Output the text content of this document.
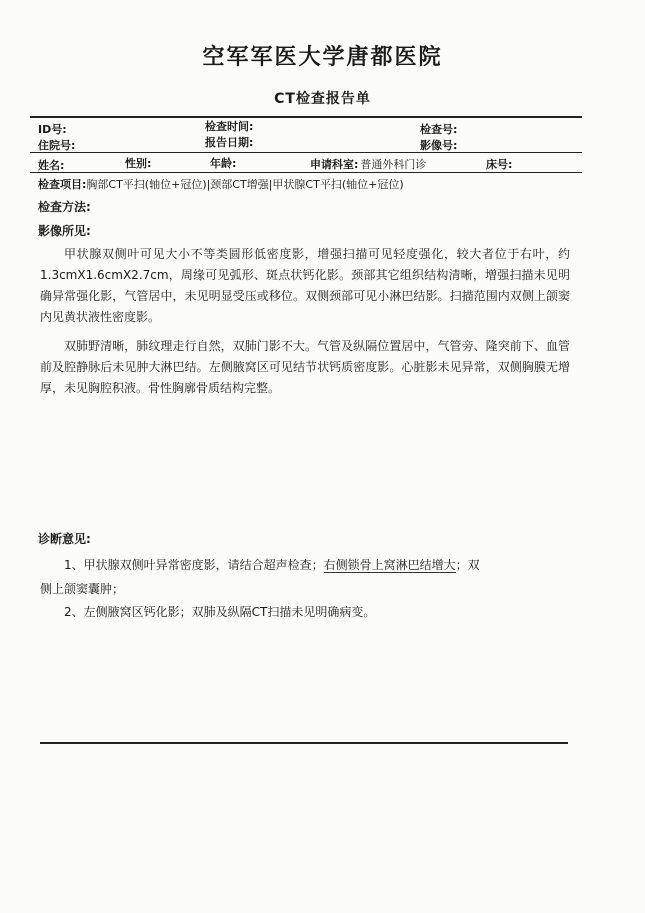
空军军医大学唐都医院
CT检查报告单
ID号:	检查时间:	检查号:
住院号:	报告日期:	影像号:
姓名:	性别:	年龄:	申请科室: 普通外科门诊	床号:
检查项目:胸部CT平扫(轴位+冠位)|颈部CT增强|甲状腺CT平扫(轴位+冠位)
检查方法:
影像所见:
甲状腺双侧叶可见大小不等类圆形低密度影，增强扫描可见轻度强化，较大者位于右叶，约1.3cmX1.6cmX2.7cm，周缘可见弧形、斑点状钙化影。颈部其它组织结构清晰，增强扫描未见明确异常强化影，气管居中，未见明显受压或移位。双侧颈部可见小淋巴结影。扫描范围内双侧上颌窦内见黄状液性密度影。
双肺野清晰，肺纹理走行自然，双肺门影不大。气管及纵隔位置居中，气管旁、隆突前下、血管前及腔静脉后未见肿大淋巴结。左侧腋窝区可见结节状钙质密度影。心脏影未见异常，双侧胸膜无增厚，未见胸腔积液。骨性胸廓骨质结构完整。
诊断意见:
1、甲状腺双侧叶异常密度影，请结合超声检查；右侧锁骨上窝淋巴结增大；双
侧上颌窦囊肿；
2、左侧腋窝区钙化影；双肺及纵隔CT扫描未见明确病变。
